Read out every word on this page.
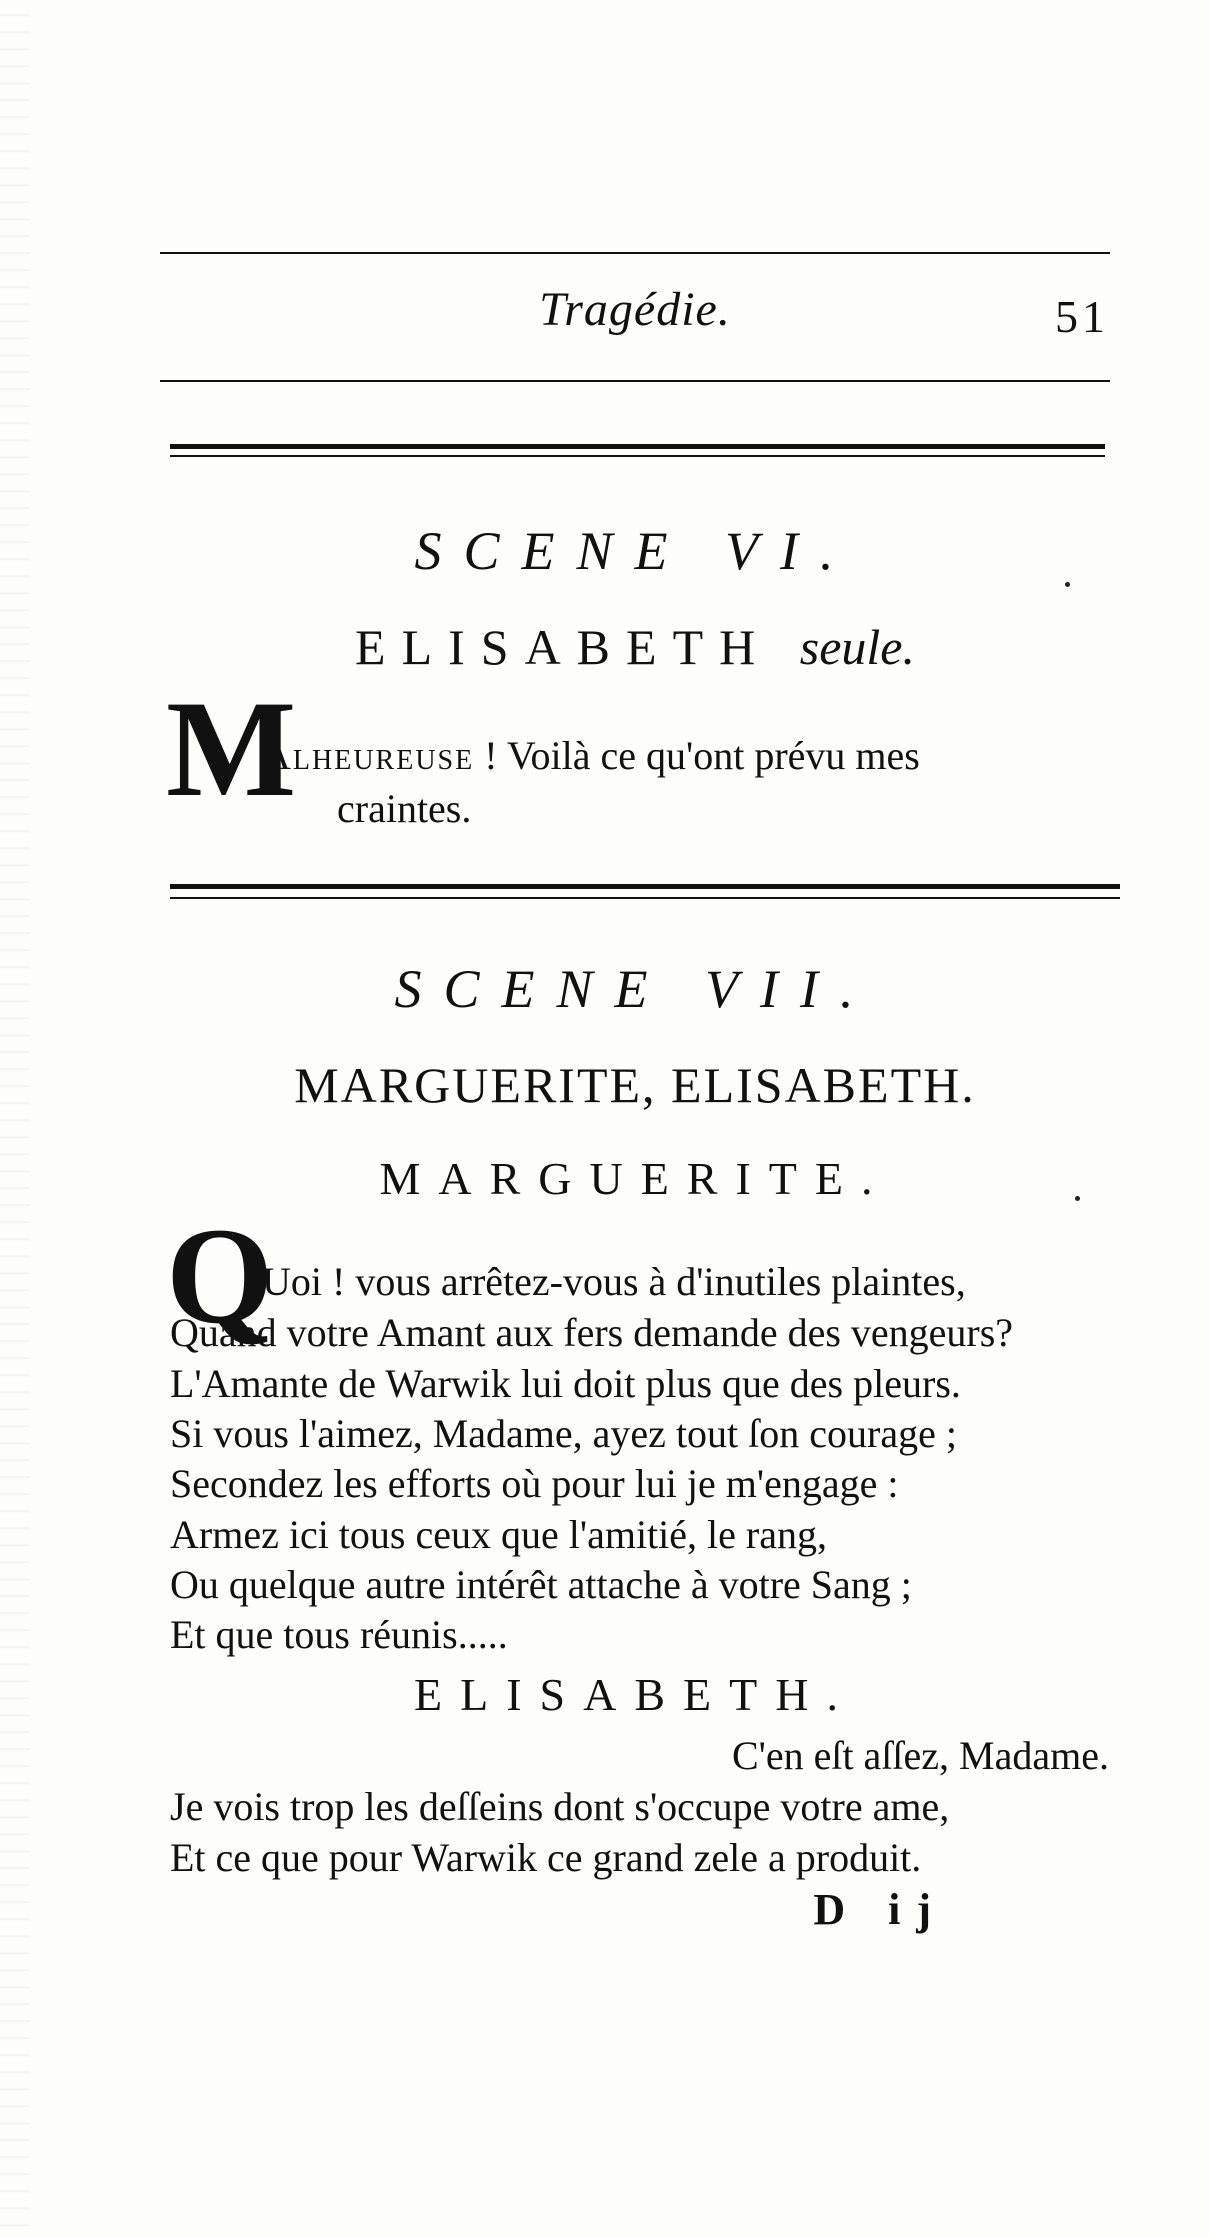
Tragédie.	51
SCENE VI.
ELISABETH seule.
M
Alheureuse ! Voilà ce qu'ont prévu mes
craintes.
SCENE VII.
MARGUERITE, ELISABETH.
MARGUERITE.
Q
Uoi ! vous arrêtez-vous à d'inutiles plaintes,
Quand votre Amant aux fers demande des vengeurs?
L'Amante de Warwik lui doit plus que des pleurs.
Si vous l'aimez, Madame, ayez tout ſon courage ;
Secondez les efforts où pour lui je m'engage :
Armez ici tous ceux que l'amitié, le rang,
Ou quelque autre intérêt attache à votre Sang ;
Et que tous réunis.....
ELISABETH.
C'en eſt aſſez, Madame.
Je vois trop les deſſeins dont s'occupe votre ame,
Et ce que pour Warwik ce grand zele a produit.
D ij
